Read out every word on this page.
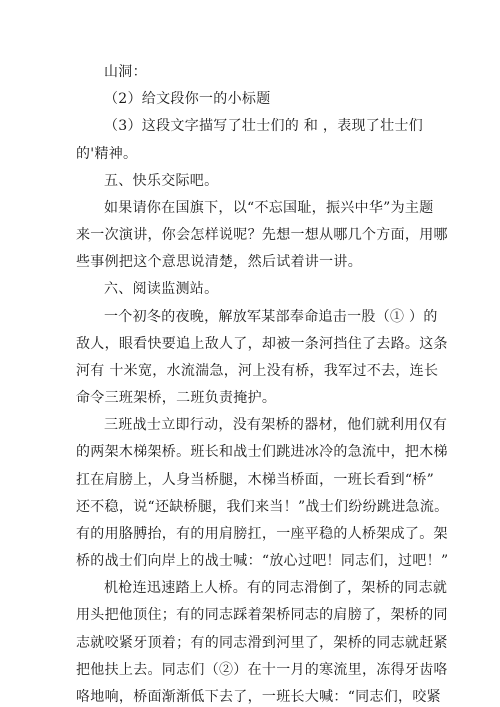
山洞：
（2）给文段你一的小标题
（3）这段文字描写了壮士们的 和 ，表现了壮士们
的'精神。
五、快乐交际吧。
如果请你在国旗下，以“不忘国耻，振兴中华”为主题
来一次演讲，你会怎样说呢？先想一想从哪几个方面，用哪
些事例把这个意思说清楚，然后试着讲一讲。
六、阅读监测站。
一个初冬的夜晚，解放军某部奉命追击一股（① ）的
敌人，眼看快要追上敌人了，却被一条河挡住了去路。这条
河有 十米宽，水流湍急，河上没有桥，我军过不去，连长
命令三班架桥，二班负责掩护。
三班战士立即行动，没有架桥的器材，他们就利用仅有
的两架木梯架桥。班长和战士们跳进冰冷的急流中，把木梯
扛在肩膀上，人身当桥腿，木梯当桥面，一班长看到“桥”
还不稳，说“还缺桥腿，我们来当！”战士们纷纷跳进急流。
有的用胳膊抬，有的用肩膀扛，一座平稳的人桥架成了。架
桥的战士们向岸上的战士喊：“放心过吧！同志们，过吧！”
机枪连迅速踏上人桥。有的同志滑倒了，架桥的同志就
用头把他顶住；有的同志踩着架桥同志的肩膀了，架桥的同
志就咬紧牙顶着；有的同志滑到河里了，架桥的同志就赶紧
把他扶上去。同志们（②）在十一月的寒流里，冻得牙齿咯
咯地响，桥面渐渐低下去了，一班长大喊：“同志们，咬紧
